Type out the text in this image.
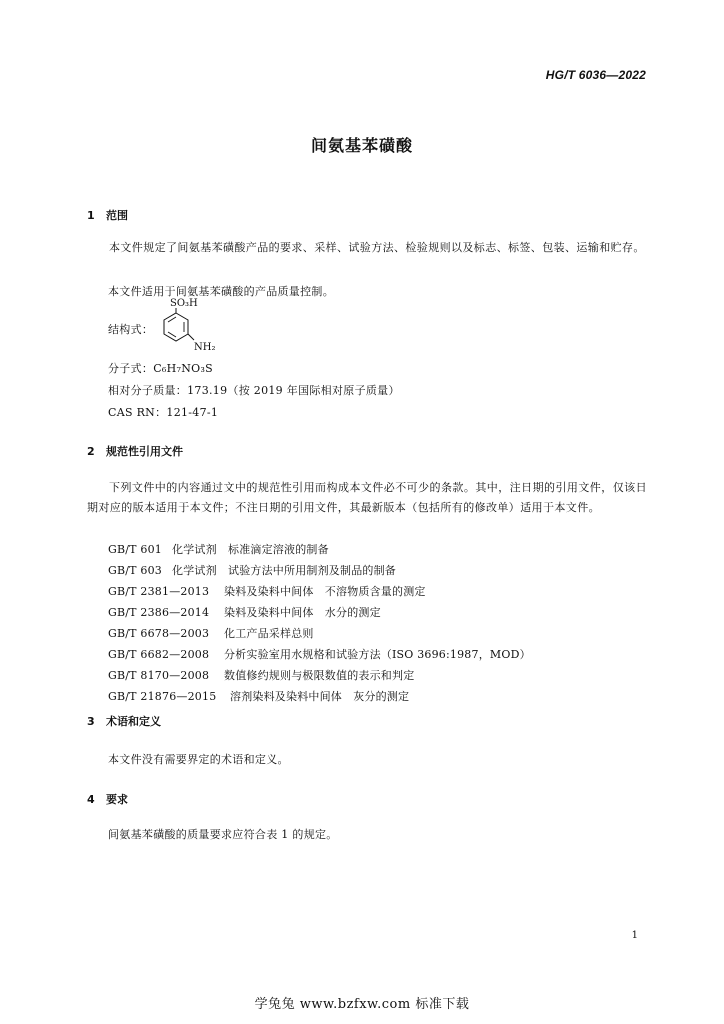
HG/T 6036—2022
间氨基苯磺酸
1 范围
本文件规定了间氨基苯磺酸产品的要求、采样、试验方法、检验规则以及标志、标签、包装、运输和贮存。
本文件适用于间氨基苯磺酸的产品质量控制。
结构式：
SO₃H
NH₂
分子式：C₆H₇NO₃S
相对分子质量：173.19（按 2019 年国际相对原子质量）
CAS RN：121-47-1
2 规范性引用文件
下列文件中的内容通过文中的规范性引用而构成本文件必不可少的条款。其中，注日期的引用文件，仅该日期对应的版本适用于本文件；不注日期的引用文件，其最新版本（包括所有的修改单）适用于本文件。
GB/T 601 化学试剂　标准滴定溶液的制备
GB/T 603 化学试剂　试验方法中所用制剂及制品的制备
GB/T 2381—2013 染料及染料中间体　不溶物质含量的测定
GB/T 2386—2014 染料及染料中间体　水分的测定
GB/T 6678—2003 化工产品采样总则
GB/T 6682—2008 分析实验室用水规格和试验方法（ISO 3696:1987，MOD）
GB/T 8170—2008 数值修约规则与极限数值的表示和判定
GB/T 21876—2015 溶剂染料及染料中间体　灰分的测定
3 术语和定义
本文件没有需要界定的术语和定义。
4 要求
间氨基苯磺酸的质量要求应符合表 1 的规定。
1
学兔兔 www.bzfxw.com 标准下载
